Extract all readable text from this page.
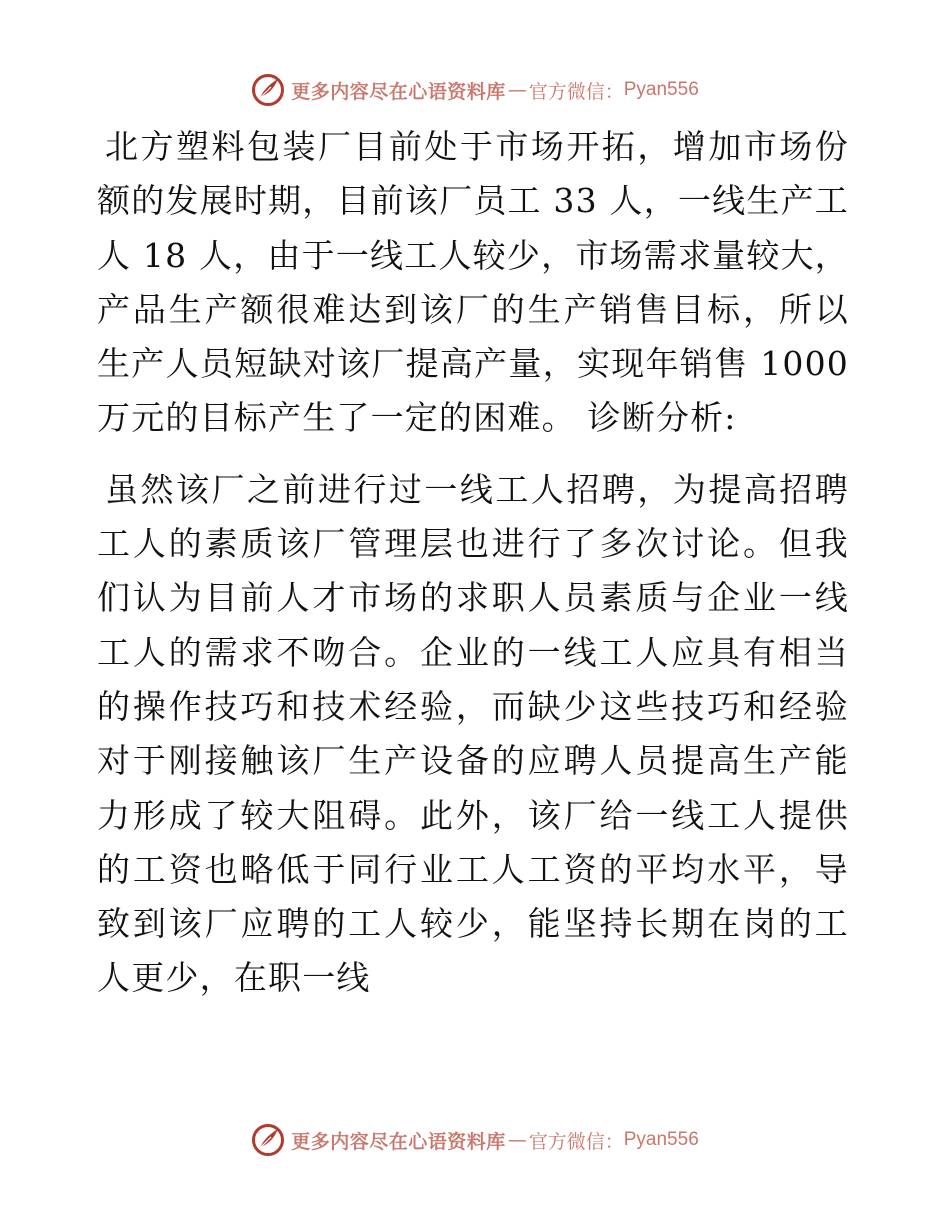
更多内容尽在心语资料库 — 官方微信： Pyan556

北方塑料包装厂目前处于市场开拓，增加市场份额的发展时期，目前该厂员工 33 人，一线生产工人 18 人，由于一线工人较少，市场需求量较大，产品生产额很难达到该厂的生产销售目标，所以生产人员短缺对该厂提高产量，实现年销售 1000 万元的目标产生了一定的困难。 诊断分析:

虽然该厂之前进行过一线工人招聘，为提高招聘工人的素质该厂管理层也进行了多次讨论。但我们认为目前人才市场的求职人员素质与企业一线工人的需求不吻合。企业的一线工人应具有相当的操作技巧和技术经验，而缺少这些技巧和经验对于刚接触该厂生产设备的应聘人员提高生产能力形成了较大阻碍。此外，该厂给一线工人提供的工资也略低于同行业工人工资的平均水平，导致到该厂应聘的工人较少，能坚持长期在岗的工人更少，在职一线

更多内容尽在心语资料库 — 官方微信： Pyan556
